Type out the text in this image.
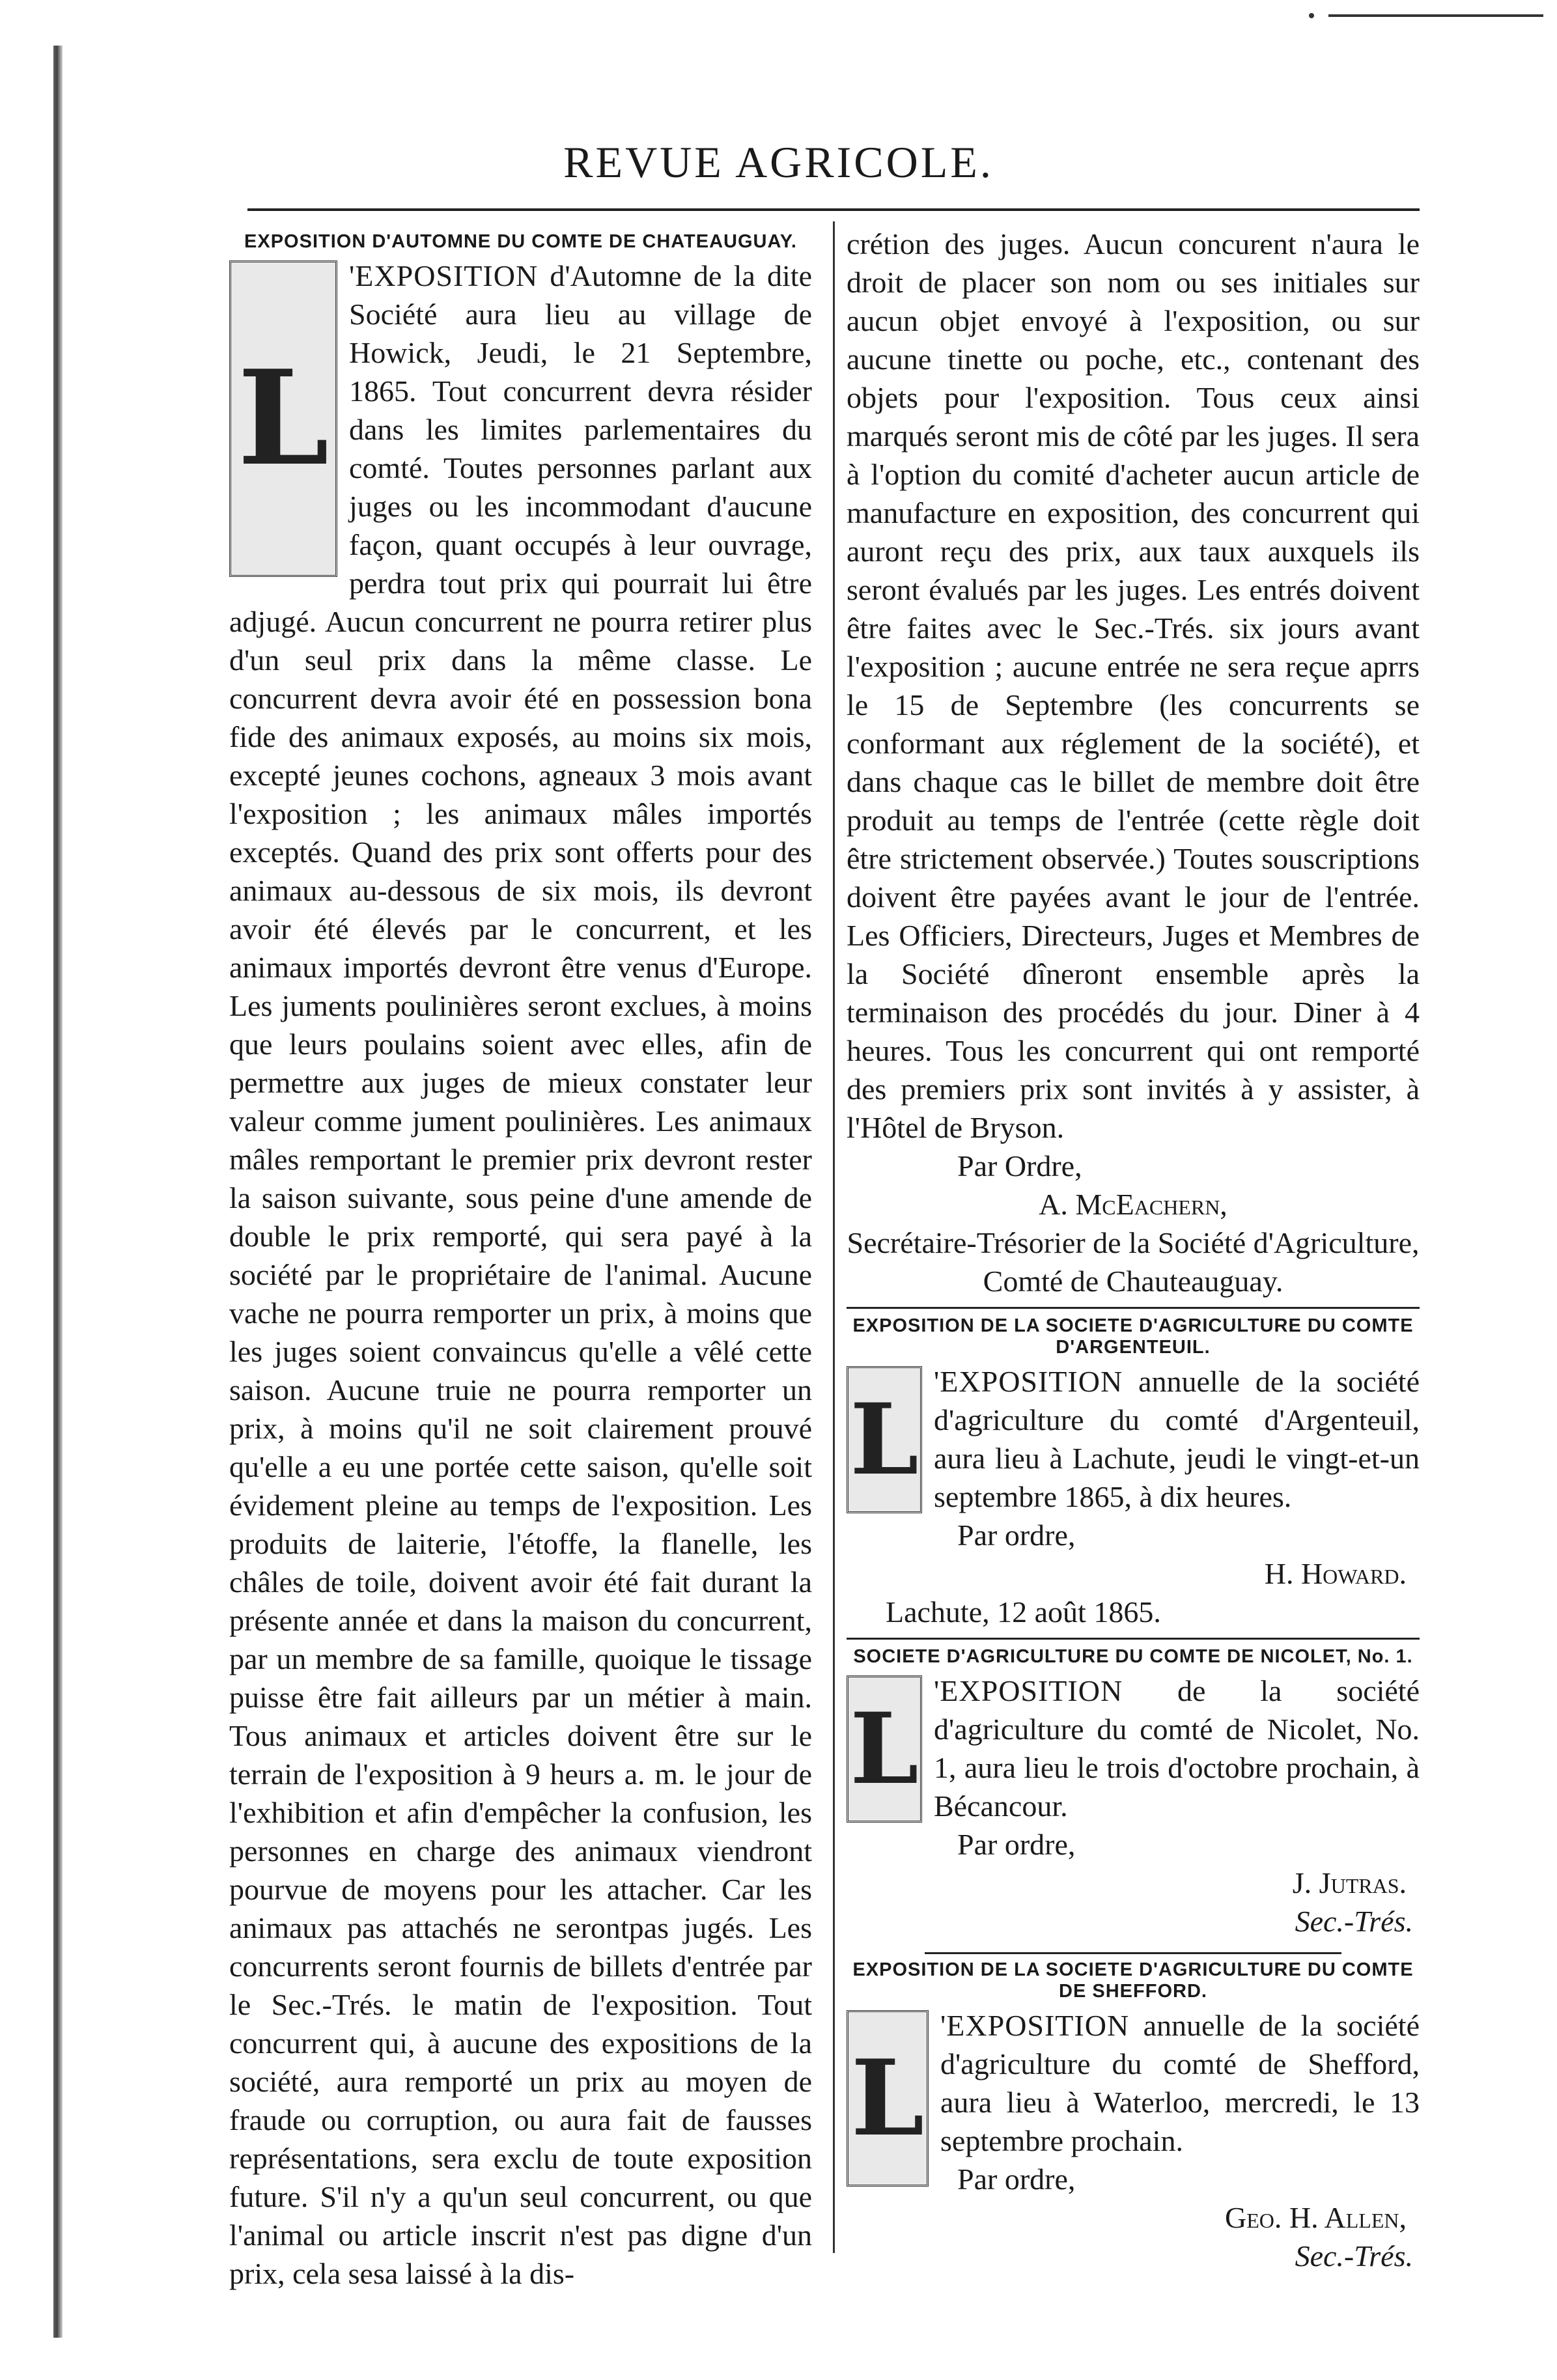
REVUE AGRICOLE.
EXPOSITION D'AUTOMNE DU COMTE DE CHATEAUGUAY.

L
'EXPOSITION d'Automne de la dite Société aura lieu au village de Howick, Jeudi, le 21 Septembre, 1865. Tout concurrent devra résider dans les limites parlementaires du comté. Toutes personnes parlant aux juges ou les incommodant d'aucune façon, quant occupés à leur ouvrage, perdra tout prix qui pourrait lui être adjugé. Aucun concurrent ne pourra retirer plus d'un seul prix dans la même classe. Le concurrent devra avoir été en possession bona fide des animaux exposés, au moins six mois, excepté jeunes cochons, agneaux 3 mois avant l'exposition ; les animaux mâles importés exceptés. Quand des prix sont offerts pour des animaux au-dessous de six mois, ils devront avoir été élevés par le concurrent, et les animaux importés devront être venus d'Europe. Les juments poulinières seront exclues, à moins que leurs poulains soient avec elles, afin de permettre aux juges de mieux constater leur valeur comme jument poulinières. Les animaux mâles remportant le premier prix devront rester la saison suivante, sous peine d'une amende de double le prix remporté, qui sera payé à la société par le propriétaire de l'animal. Aucune vache ne pourra remporter un prix, à moins que les juges soient convaincus qu'elle a vêlé cette saison. Aucune truie ne pourra remporter un prix, à moins qu'il ne soit clairement prouvé qu'elle a eu une portée cette saison, qu'elle soit évidement pleine au temps de l'exposition. Les produits de laiterie, l'étoffe, la flanelle, les châles de toile, doivent avoir été fait durant la présente année et dans la maison du concurrent, par un membre de sa famille, quoique le tissage puisse être fait ailleurs par un métier à main. Tous animaux et articles doivent être sur le terrain de l'exposition à 9 heurs a. m. le jour de l'exhibition et afin d'empêcher la confusion, les personnes en charge des animaux viendront pourvue de moyens pour les attacher. Car les animaux pas attachés ne serontpas jugés. Les concurrents seront fournis de billets d'entrée par le Sec.-Trés. le matin de l'exposition. Tout concurrent qui, à aucune des expositions de la société, aura remporté un prix au moyen de fraude ou corruption, ou aura fait de fausses représentations, sera exclu de toute exposition future. S'il n'y a qu'un seul concurrent, ou que l'animal ou article inscrit n'est pas digne d'un prix, cela sesa laissé à la dis-

crétion des juges. Aucun concurent n'aura le droit de placer son nom ou ses initiales sur aucun objet envoyé à l'exposition, ou sur aucune tinette ou poche, etc., contenant des objets pour l'exposition. Tous ceux ainsi marqués seront mis de côté par les juges. Il sera à l'option du comité d'acheter aucun article de manufacture en exposition, des concurrent qui auront reçu des prix, aux taux auxquels ils seront évalués par les juges. Les entrés doivent être faites avec le Sec.-Trés. six jours avant l'exposition ; aucune entrée ne sera reçue aprrs le 15 de Septembre (les concurrents se conformant aux réglement de la société), et dans chaque cas le billet de membre doit être produit au temps de l'entrée (cette règle doit être strictement observée.) Toutes souscriptions doivent être payées avant le jour de l'entrée. Les Officiers, Directeurs, Juges et Membres de la Société dîneront ensemble après la terminaison des procédés du jour. Diner à 4 heures. Tous les concurrent qui ont remporté des premiers prix sont invités à y assister, à l'Hôtel de Bryson.

Par Ordre,
A. McEachern,
Secrétaire-Trésorier de la Société d'Agriculture, Comté de Chauteauguay.
EXPOSITION DE LA SOCIETE D'AGRICULTURE DU COMTE D'ARGENTEUIL.

L
'EXPOSITION annuelle de la société d'agriculture du comté d'Argenteuil, aura lieu à Lachute, jeudi le vingt-et-un septembre 1865, à dix heures.

Par ordre,
H. Howard.
Lachute, 12 août 1865.
SOCIETE D'AGRICULTURE DU COMTE DE NICOLET, No. 1.

L
'EXPOSITION de la société d'agriculture du comté de Nicolet, No. 1, aura lieu le trois d'octobre prochain, à Bécancour.

Par ordre,
J. Jutras.
Sec.-Trés.
EXPOSITION DE LA SOCIETE D'AGRICULTURE DU COMTE DE SHEFFORD.

L
'EXPOSITION annuelle de la société d'agriculture du comté de Shefford, aura lieu à Waterloo, mercredi, le 13 septembre prochain.

Par ordre,
Geo. H. Allen,
Sec.-Trés.
